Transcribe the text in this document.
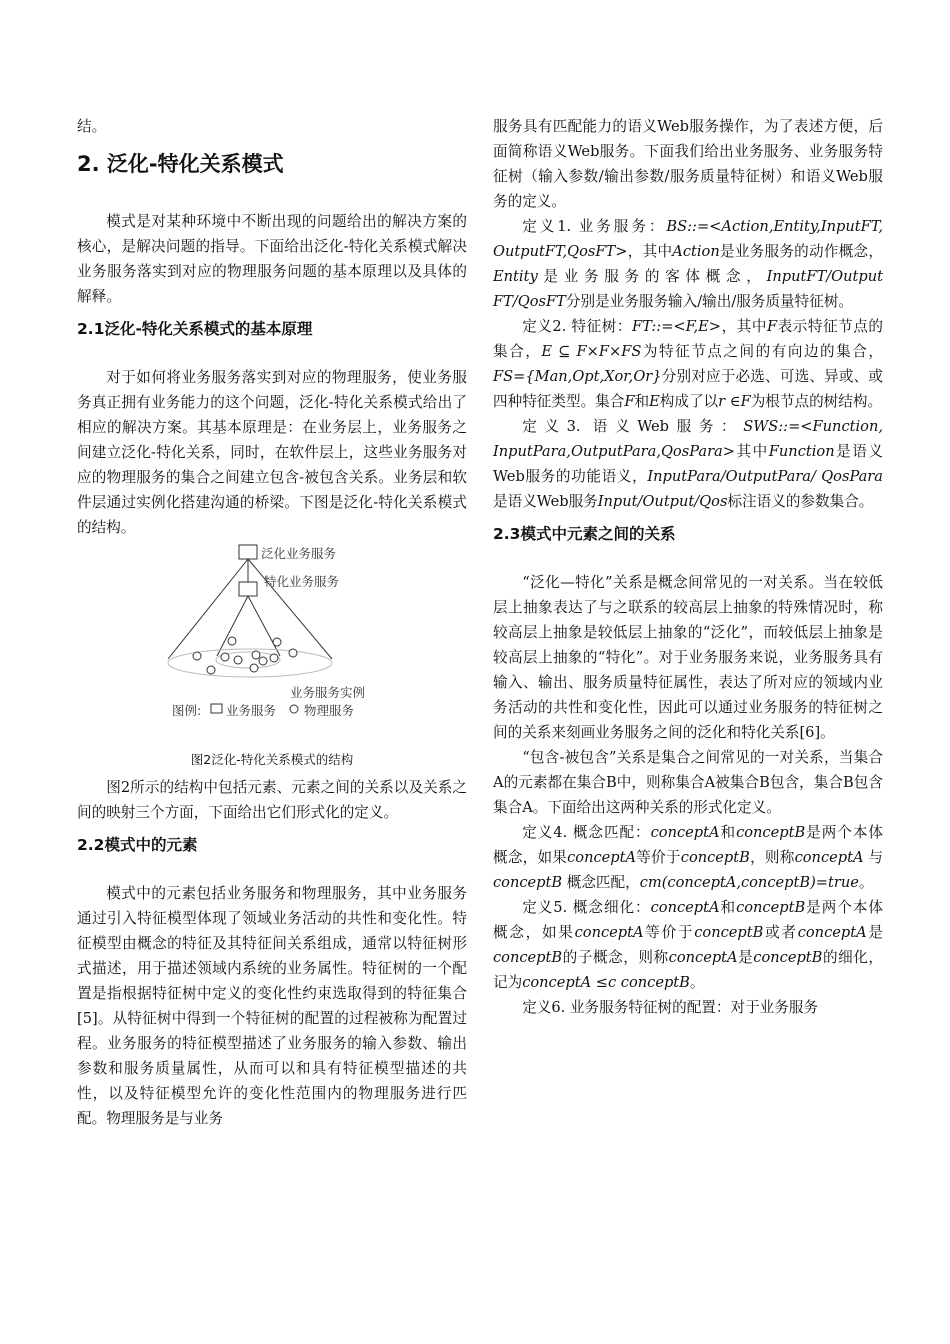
结。

2. 泛化-特化关系模式

模式是对某种环境中不断出现的问题给出的解决方案的核心，是解决问题的指导。下面给出泛化-特化关系模式解决业务服务落实到对应的物理服务问题的基本原理以及具体的解释。

2.1泛化-特化关系模式的基本原理

对于如何将业务服务落实到对应的物理服务，使业务服务真正拥有业务能力的这个问题，泛化-特化关系模式给出了相应的解决方案。其基本原理是：在业务层上，业务服务之间建立泛化-特化关系，同时，在软件层上，这些业务服务对应的物理服务的集合之间建立包含-被包含关系。业务层和软件层通过实例化搭建沟通的桥梁。下图是泛化-特化关系模式的结构。

泛化业务服务
特化业务服务
业务服务实例
图例: 业务服务 物理服务
图2泛化-特化关系模式的结构

图2所示的结构中包括元素、元素之间的关系以及关系之间的映射三个方面，下面给出它们形式化的定义。

2.2模式中的元素

模式中的元素包括业务服务和物理服务，其中业务服务通过引入特征模型体现了领域业务活动的共性和变化性。特征模型由概念的特征及其特征间关系组成，通常以特征树形式描述，用于描述领域内系统的业务属性。特征树的一个配置是指根据特征树中定义的变化性约束选取得到的特征集合[5]。从特征树中得到一个特征树的配置的过程被称为配置过程。业务服务的特征模型描述了业务服务的输入参数、输出参数和服务质量属性，从而可以和具有特征模型描述的共性，以及特征模型允许的变化性范围内的物理服务进行匹配。物理服务是与业务

服务具有匹配能力的语义Web服务操作，为了表述方便，后面简称语义Web服务。下面我们给出业务服务、业务服务特征树（输入参数/输出参数/服务质量特征树）和语义Web服务的定义。

定义1. 业务服务：BS::=<Action,Entity,InputFT, OutputFT,QosFT>，其中Action是业务服务的动作概念，Entity是业务服务的客体概念，InputFT/Output FT/QosFT分别是业务服务输入/输出/服务质量特征树。

定义2. 特征树：FT::=<F,E>，其中F表示特征节点的集合，E ⊆ F×F×FS为特征节点之间的有向边的集合，FS={Man,Opt,Xor,Or}分别对应于必选、可选、异或、或四种特征类型。集合F和E构成了以r ∈F为根节点的树结构。

定义3. 语义Web服务：SWS::=<Function, InputPara,OutputPara,QosPara>其中Function是语义Web服务的功能语义，InputPara/OutputPara/ QosPara是语义Web服务Input/Output/Qos标注语义的参数集合。

2.3模式中元素之间的关系

“泛化—特化”关系是概念间常见的一对关系。当在较低层上抽象表达了与之联系的较高层上抽象的特殊情况时，称较高层上抽象是较低层上抽象的“泛化”，而较低层上抽象是较高层上抽象的“特化”。对于业务服务来说，业务服务具有输入、输出、服务质量特征属性，表达了所对应的领域内业务活动的共性和变化性，因此可以通过业务服务的特征树之间的关系来刻画业务服务之间的泛化和特化关系[6]。

“包含-被包含”关系是集合之间常见的一对关系，当集合A的元素都在集合B中，则称集合A被集合B包含，集合B包含集合A。下面给出这两种关系的形式化定义。

定义4. 概念匹配：conceptA和conceptB是两个本体概念，如果conceptA等价于conceptB，则称conceptA 与 conceptB 概念匹配，cm(conceptA,conceptB)=true。

定义5. 概念细化：conceptA和conceptB是两个本体概念，如果conceptA等价于conceptB或者conceptA是conceptB的子概念，则称conceptA是conceptB的细化，记为conceptA ≤c conceptB。

定义6. 业务服务特征树的配置：对于业务服务
